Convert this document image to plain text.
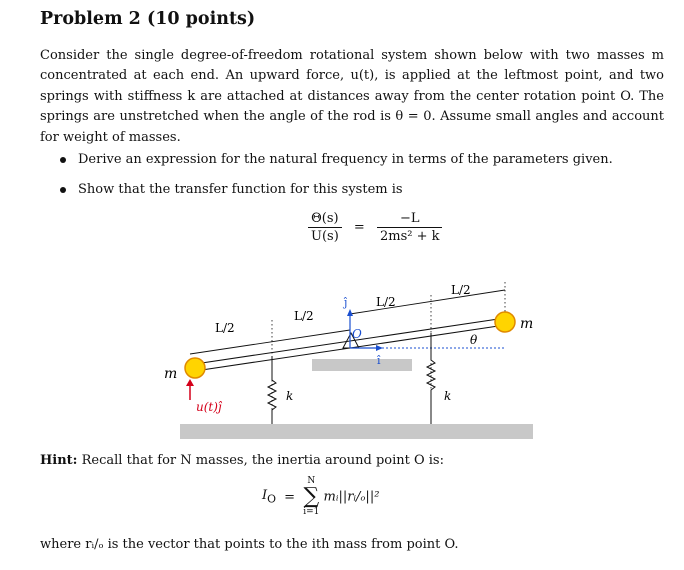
Problem 2 (10 points)

Consider the single degree-of-freedom rotational system shown below with two masses m concentrated at each end. An upward force, u(t), is applied at the leftmost point, and two springs with stiffness k are attached at distances away from the center rotation point O. The springs are unstretched when the angle of the rod is θ = 0. Assume small angles and account for weight of masses.

Derive an expression for the natural frequency in terms of the parameters given.
Show that the transfer function for this system is
$\frac{\Theta(s)}{U(s)} = \frac{-L}{\text{2ms² + k}}$
L/2
L/2
L/2
L/2
m
m
k	k
u(t)ĵ
θ
O
ĵ
î

Hint: Recall that for N masses, the inertia around point O is:

$I_O$ =
N
∑
i=1
mᵢ||rᵢ/ₒ||²

where rᵢ/ₒ is the vector that points to the ith mass from point O.
